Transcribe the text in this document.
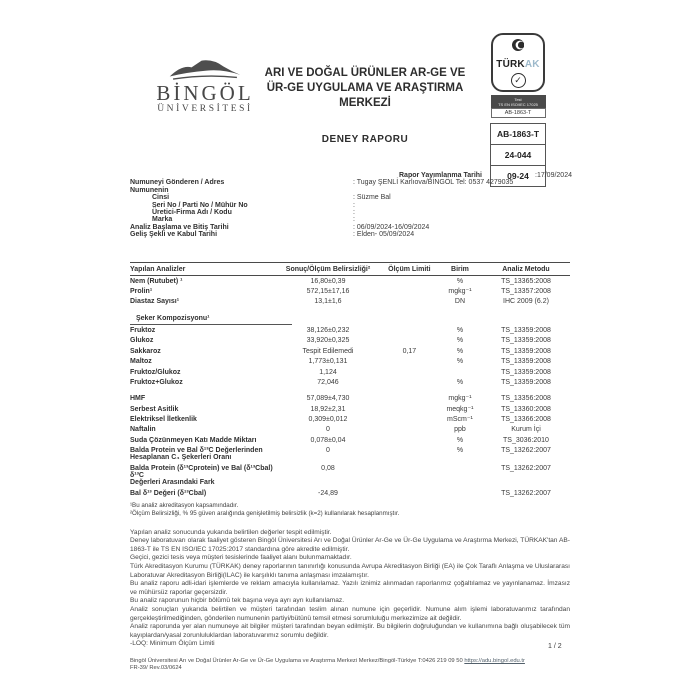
BİNGÖL
ÜNİVERSİTESİ
ARI VE DOĞAL ÜRÜNLER AR-GE VE
ÜR-GE UYGULAMA VE ARAŞTIRMA
MERKEZİ
DENEY RAPORU
TÜRKAK
✓
Test
TS EN ISO/IEC 17025
AB-1863-T
AB-1863-T
24-044
09-24
Rapor Yayımlanma Tarihi	:17/09/2024
Numuneyi Gönderen / Adres	: Tugay ŞENLİ Karlıova/BİNGÖL Tel: 0537 4279035
Numunenin
Cinsi	: Süzme Bal
Seri No / Parti No / Mühür No	:
Üretici-Firma Adı / Kodu	:
Marka	:
Analiz Başlama ve Bitiş Tarihi	: 06/09/2024-16/09/2024
Geliş Şekli ve Kabul Tarihi	: Elden- 05/09/2024
Yapılan Analizler	Sonuç/Ölçüm Belirsizliği²	Ölçüm Limiti	Birim	Analiz Metodu
Nem (Rutubet) ¹	16,80±0,39		%	TS_13365:2008
Prolin¹	572,15±17,16		mgkg⁻¹	TS_13357:2008
Diastaz Sayısı¹	13,1±1,6		DN	IHC 2009 (6.2)

Şeker Kompozisyonu¹				

Fruktoz	38,126±0,232		%	TS_13359:2008
Glukoz	33,920±0,325		%	TS_13359:2008
Sakkaroz	Tespit Edilemedi	0,17	%	TS_13359:2008
Maltoz	1,773±0,131		%	TS_13359:2008
Fruktoz/Glukoz	1,124			TS_13359:2008
Fruktoz+Glukoz	72,046		%	TS_13359:2008

HMF	57,089±4,730		mgkg⁻¹	TS_13356:2008
Serbest Asitlik	18,92±2,31		meqkg⁻¹	TS_13360:2008
Elektriksel İletkenlik	0,309±0,012		mScm⁻¹	TS_13366:2008
Naftalin	0		ppb	Kurum İçi
Suda Çözünmeyen Katı Madde Miktarı	0,078±0,04		%	TS_3036:2010
Balda Protein ve Bal δ¹³C Değerlerinden
Hesaplanan C₄ Şekerleri Oranı	0		%	TS_13262:2007
Balda Protein (δ¹³Cprotein) ve Bal (δ¹³Cbal) δ¹³C
Değerleri Arasındaki Fark	0,08			TS_13262:2007
Bal δ¹³ Değeri (δ¹³Cbal)	-24,89			TS_13262:2007
¹Bu analiz akreditasyon kapsamındadır.
²Ölçüm Belirsizliği, % 95 güven aralığında genişletilmiş belirsizlik (k=2) kullanılarak hesaplanmıştır.

Yapılan analiz sonucunda yukarıda belirtilen değerler tespit edilmiştir.

Deney laboratuvarı olarak faaliyet gösteren Bingöl Üniversitesi Arı ve Doğal Ürünler Ar-Ge ve Ür-Ge Uygulama ve Araştırma Merkezi, TÜRKAK'tan AB-1863-T ile TS EN ISO/IEC 17025:2017 standardına göre akredite edilmiştir.

Geçici, gezici tesis veya müşteri tesislerinde faaliyet alanı bulunmamaktadır.

Türk Akreditasyon Kurumu (TÜRKAK) deney raporlarının tanınırlığı konusunda Avrupa Akreditasyon Birliği (EA) ile Çok Taraflı Anlaşma ve Uluslararası Laboratuvar Akreditasyon Birliği(ILAC) ile karşılıklı tanıma anlaşması imzalamıştır.

Bu analiz raporu adli-idari işlemlerde ve reklam amacıyla kullanılamaz. Yazılı iznimiz alınmadan raporlarımız çoğaltılamaz ve yayınlanamaz. İmzasız ve mühürsüz raporlar geçersizdir.

Bu analiz raporunun hiçbir bölümü tek başına veya ayrı ayrı kullanılamaz.

Analiz sonuçları yukarıda belirtilen ve müşteri tarafından teslim alınan numune için geçerlidir. Numune alım işlemi laboratuvarımız tarafından gerçekleştirilmediğinden, gönderilen numunenin partiyi/bütünü temsil etmesi sorumluluğu merkezimize ait değildir.

Analiz raporunda yer alan numuneye ait bilgiler müşteri tarafından beyan edilmiştir. Bu bilgilerin doğruluğundan ve kullanımına bağlı oluşabilecek tüm kayıplardan/yasal zorunluluklardan laboratuvarımız sorumlu değildir.

-LOQ: Minimum Ölçüm Limiti	1 / 2
Bingöl Üniversitesi Arı ve Doğal Ürünler Ar-Ge ve Ür-Ge Uygulama ve Araştırma Merkezi Merkez/Bingöl-Türkiye T:0426 219 09 50 https://adu.bingol.edu.tr
FR-39/ Rev.03/0624
